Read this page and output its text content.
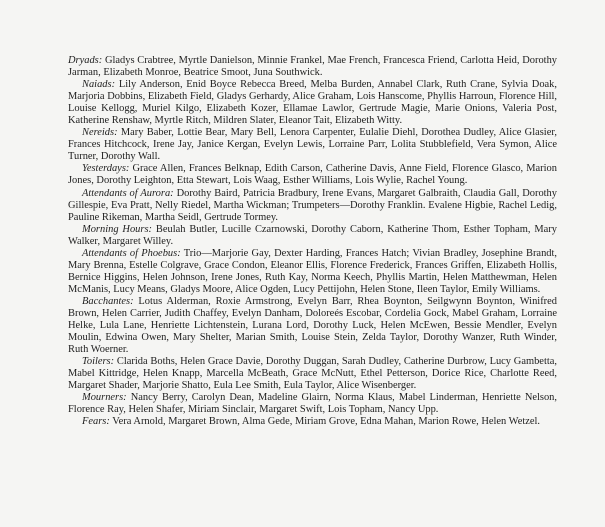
Dryads: Gladys Crabtree, Myrtle Danielson, Minnie Frankel, Mae French, Francesca Friend, Carlotta Heid, Dorothy Jarman, Elizabeth Monroe, Beatrice Smoot, Juna Southwick.

Naiads: Lily Anderson, Enid Boyce Rebecca Breed, Melba Burden, Annabel Clark, Ruth Crane, Sylvia Doak, Marjoria Dobbins, Elizabeth Field, Gladys Gerhardy, Alice Graham, Lois Hanscome, Phyllis Harroun, Florence Hill, Louise Kellogg, Muriel Kilgo, Elizabeth Kozer, Ellamae Lawlor, Gertrude Magie, Marie Onions, Valeria Post, Katherine Renshaw, Myrtle Ritch, Mildren Slater, Eleanor Tait, Elizabeth Witty.

Nereids: Mary Baber, Lottie Bear, Mary Bell, Lenora Carpenter, Eulalie Diehl, Dorothea Dudley, Alice Glasier, Frances Hitchcock, Irene Jay, Janice Kergan, Evelyn Lewis, Lorraine Parr, Lolita Stubblefield, Vera Symon, Alice Turner, Dorothy Wall.

Yesterdays: Grace Allen, Frances Belknap, Edith Carson, Catherine Davis, Anne Field, Florence Glasco, Marion Jones, Dorothy Leighton, Etta Stewart, Lois Waag, Esther Williams, Lois Wylie, Rachel Young.

Attendants of Aurora: Dorothy Baird, Patricia Bradbury, Irene Evans, Margaret Galbraith, Claudia Gall, Dorothy Gillespie, Eva Pratt, Nelly Riedel, Martha Wickman; Trumpeters—Dorothy Franklin. Evalene Higbie, Rachel Ledig, Pauline Rikeman, Martha Seidl, Gertrude Tormey.

Morning Hours: Beulah Butler, Lucille Czarnowski, Dorothy Caborn, Katherine Thom, Esther Topham, Mary Walker, Margaret Willey.

Attendants of Phoebus: Trio—Marjorie Gay, Dexter Harding, Frances Hatch; Vivian Bradley, Josephine Brandt, Mary Brenna, Estelle Colgrave, Grace Condon, Eleanor Ellis, Florence Frederick, Frances Griffen, Elizabeth Hollis, Bernice Higgins, Helen Johnson, Irene Jones, Ruth Kay, Norma Keech, Phyllis Martin, Helen Matthewman, Helen McManis, Lucy Means, Gladys Moore, Alice Ogden, Lucy Pettijohn, Helen Stone, Ileen Taylor, Emily Williams.

Bacchantes: Lotus Alderman, Roxie Armstrong, Evelyn Barr, Rhea Boynton, Seilgwynn Boynton, Winifred Brown, Helen Carrier, Judith Chaffey, Evelyn Danham, Doloreés Escobar, Cordelia Gock, Mabel Graham, Lorraine Helke, Lula Lane, Henriette Lichtenstein, Lurana Lord, Dorothy Luck, Helen McEwen, Bessie Mendler, Evelyn Moulin, Edwina Owen, Mary Shelter, Marian Smith, Louise Stein, Zelda Taylor, Dorothy Wanzer, Ruth Winder, Ruth Woerner.

Toilers: Clarida Boths, Helen Grace Davie, Dorothy Duggan, Sarah Dudley, Catherine Durbrow, Lucy Gambetta, Mabel Kittridge, Helen Knapp, Marcella McBeath, Grace McNutt, Ethel Petterson, Dorice Rice, Charlotte Reed, Margaret Shader, Marjorie Shatto, Eula Lee Smith, Eula Taylor, Alice Wisenberger.

Mourners: Nancy Berry, Carolyn Dean, Madeline Glairn, Norma Klaus, Mabel Linderman, Henriette Nelson, Florence Ray, Helen Shafer, Miriam Sinclair, Margaret Swift, Lois Topham, Nancy Upp.

Fears: Vera Arnold, Margaret Brown, Alma Gede, Miriam Grove, Edna Mahan, Marion Rowe, Helen Wetzel.
